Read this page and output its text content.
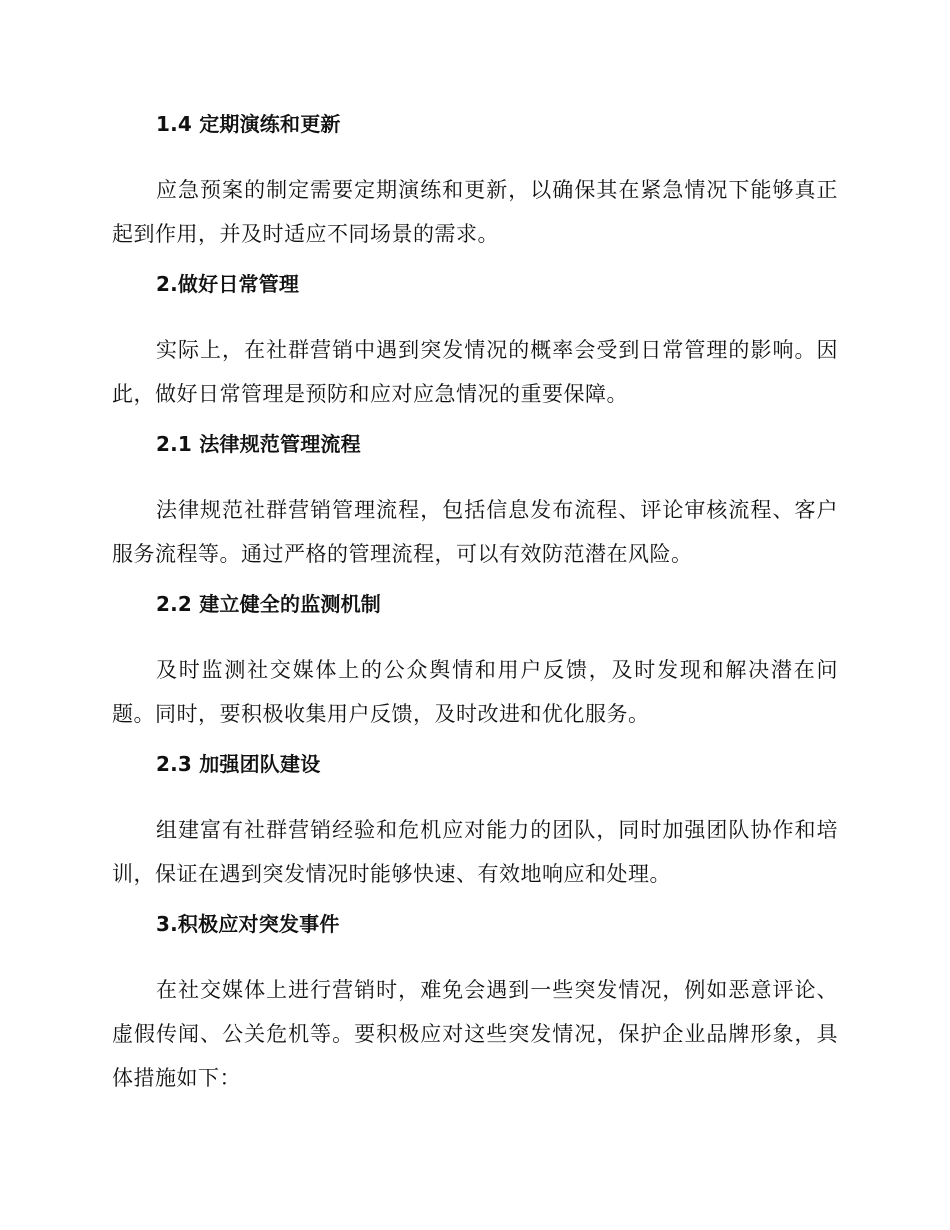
1.4 定期演练和更新

应急预案的制定需要定期演练和更新，以确保其在紧急情况下能够真正起到作用，并及时适应不同场景的需求。

2.做好日常管理

实际上，在社群营销中遇到突发情况的概率会受到日常管理的影响。因此，做好日常管理是预防和应对应急情况的重要保障。

2.1 法律规范管理流程

法律规范社群营销管理流程，包括信息发布流程、评论审核流程、客户服务流程等。通过严格的管理流程，可以有效防范潜在风险。

2.2 建立健全的监测机制

及时监测社交媒体上的公众舆情和用户反馈，及时发现和解决潜在问题。同时，要积极收集用户反馈，及时改进和优化服务。

2.3 加强团队建设

组建富有社群营销经验和危机应对能力的团队，同时加强团队协作和培训，保证在遇到突发情况时能够快速、有效地响应和处理。

3.积极应对突发事件

在社交媒体上进行营销时，难免会遇到一些突发情况，例如恶意评论、虚假传闻、公关危机等。要积极应对这些突发情况，保护企业品牌形象，具体措施如下：
